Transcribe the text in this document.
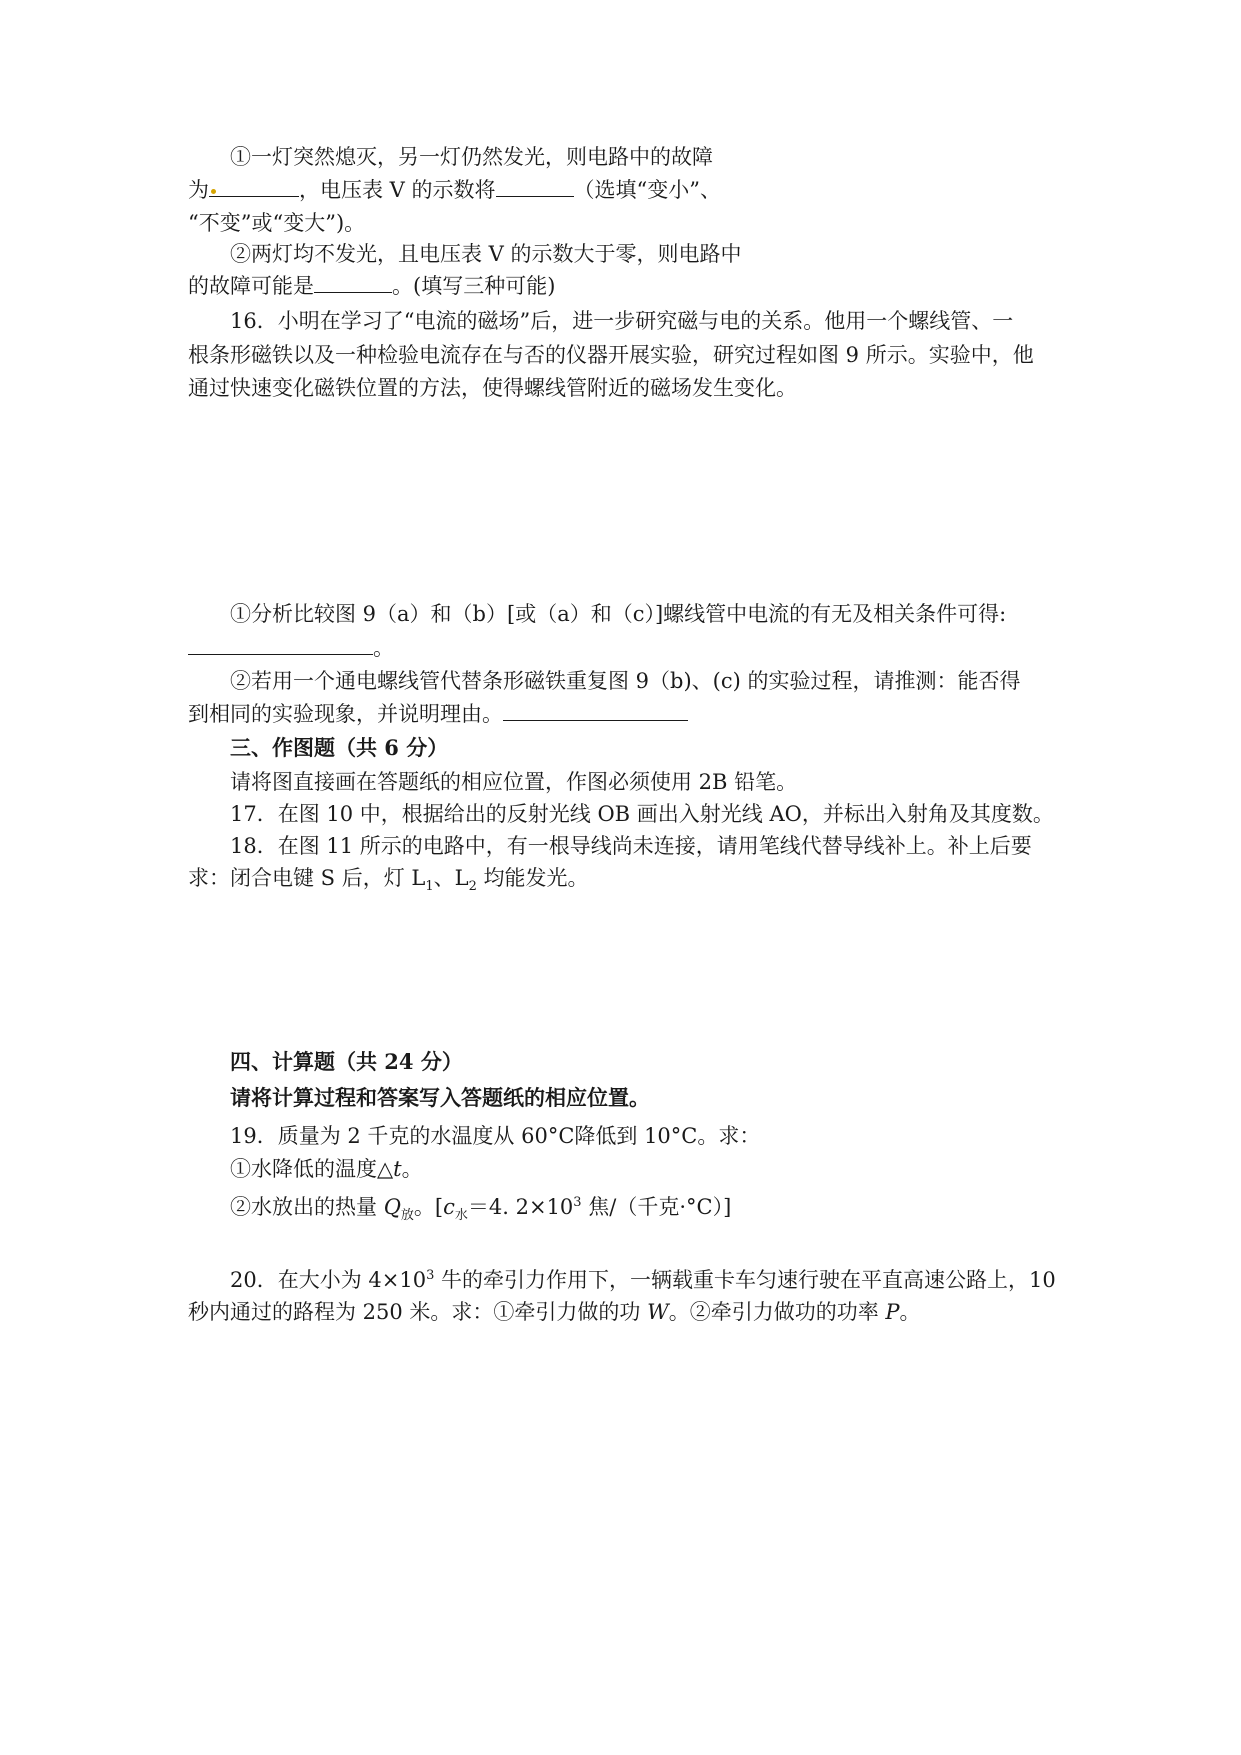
①一灯突然熄灭，另一灯仍然发光，则电路中的故障
为	，电压表 V 的示数将	（选填“变小”、
“不变”或“变大”)。
②两灯均不发光，且电压表 V 的示数大于零，则电路中
的故障可能是	。(填写三种可能)
16．小明在学习了“电流的磁场”后，进一步研究磁与电的关系。他用一个螺线管、一
根条形磁铁以及一种检验电流存在与否的仪器开展实验，研究过程如图 9 所示。实验中，他
通过快速变化磁铁位置的方法，使得螺线管附近的磁场发生变化。
①分析比较图 9（a）和（b）[或（a）和（c）]螺线管中电流的有无及相关条件可得:
。
②若用一个通电螺线管代替条形磁铁重复图 9（b)、(c) 的实验过程，请推测：能否得
到相同的实验现象，并说明理由。
三、作图题（共 6 分）
请将图直接画在答题纸的相应位置，作图必须使用 2B 铅笔。
17．在图 10 中，根据给出的反射光线 OB 画出入射光线 AO，并标出入射角及其度数。
18．在图 11 所示的电路中，有一根导线尚未连接，请用笔线代替导线补上。补上后要
求：闭合电键 S 后，灯 $L_1$、$L_2$ 均能发光。
四、计算题（共 24 分）
请将计算过程和答案写入答题纸的相应位置。
19．质量为 2 千克的水温度从 60°C降低到 10°C。求：
①水降低的温度△t。
②水放出的热量 $Q_放$。[$c_水=4$. $2\times 10^3$ 焦/（千克·°C）]
20．在大小为 $4\times 10^3$ 牛的牵引力作用下，一辆载重卡车匀速行驶在平直高速公路上，10
秒内通过的路程为 250 米。求：①牵引力做的功 W。②牵引力做功的功率 P。
